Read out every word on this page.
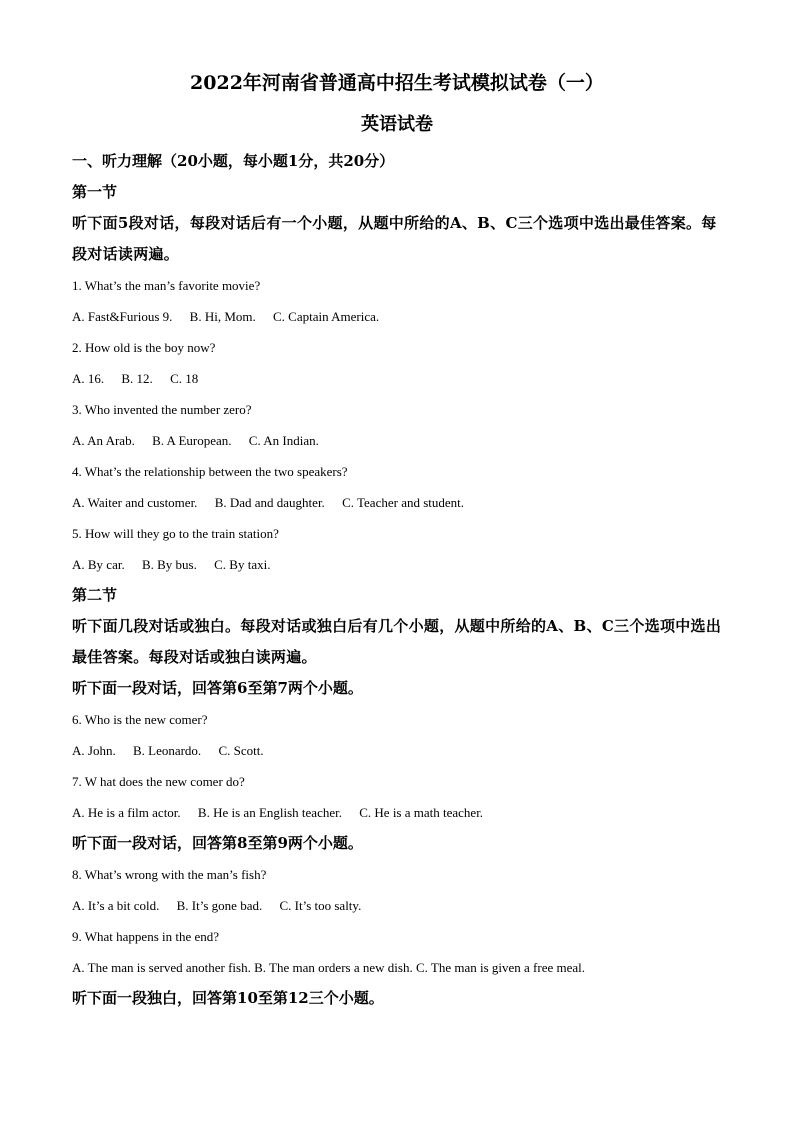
2022年河南省普通高中招生考试模拟试卷（一）
英语试卷
一、听力理解（20小题，每小题1分，共20分）
第一节
听下面5段对话，每段对话后有一个小题，从题中所给的A、B、C三个选项中选出最佳答案。每段对话读两遍。
1. What’s the man’s favorite movie?
A. Fast&Furious 9. B. Hi, Mom. C. Captain America.
2. How old is the boy now?
A. 16. B. 12. C. 18
3. Who invented the number zero?
A. An Arab. B. A European. C. An Indian.
4. What’s the relationship between the two speakers?
A. Waiter and customer. B. Dad and daughter. C. Teacher and student.
5. How will they go to the train station?
A. By car. B. By bus. C. By taxi.
第二节
听下面几段对话或独白。每段对话或独白后有几个小题，从题中所给的A、B、C三个选项中选出最佳答案。每段对话或独白读两遍。
听下面一段对话，回答第6至第7两个小题。
6. Who is the new comer?
A. John. B. Leonardo. C. Scott.
7. W hat does the new comer do?
A. He is a film actor. B. He is an English teacher. C. He is a math teacher.
听下面一段对话，回答第8至第9两个小题。
8. What’s wrong with the man’s fish?
A. It’s a bit cold. B. It’s gone bad. C. It’s too salty.
9. What happens in the end?
A. The man is served another fish. B. The man orders a new dish. C. The man is given a free meal.
听下面一段独白，回答第10至第12三个小题。
